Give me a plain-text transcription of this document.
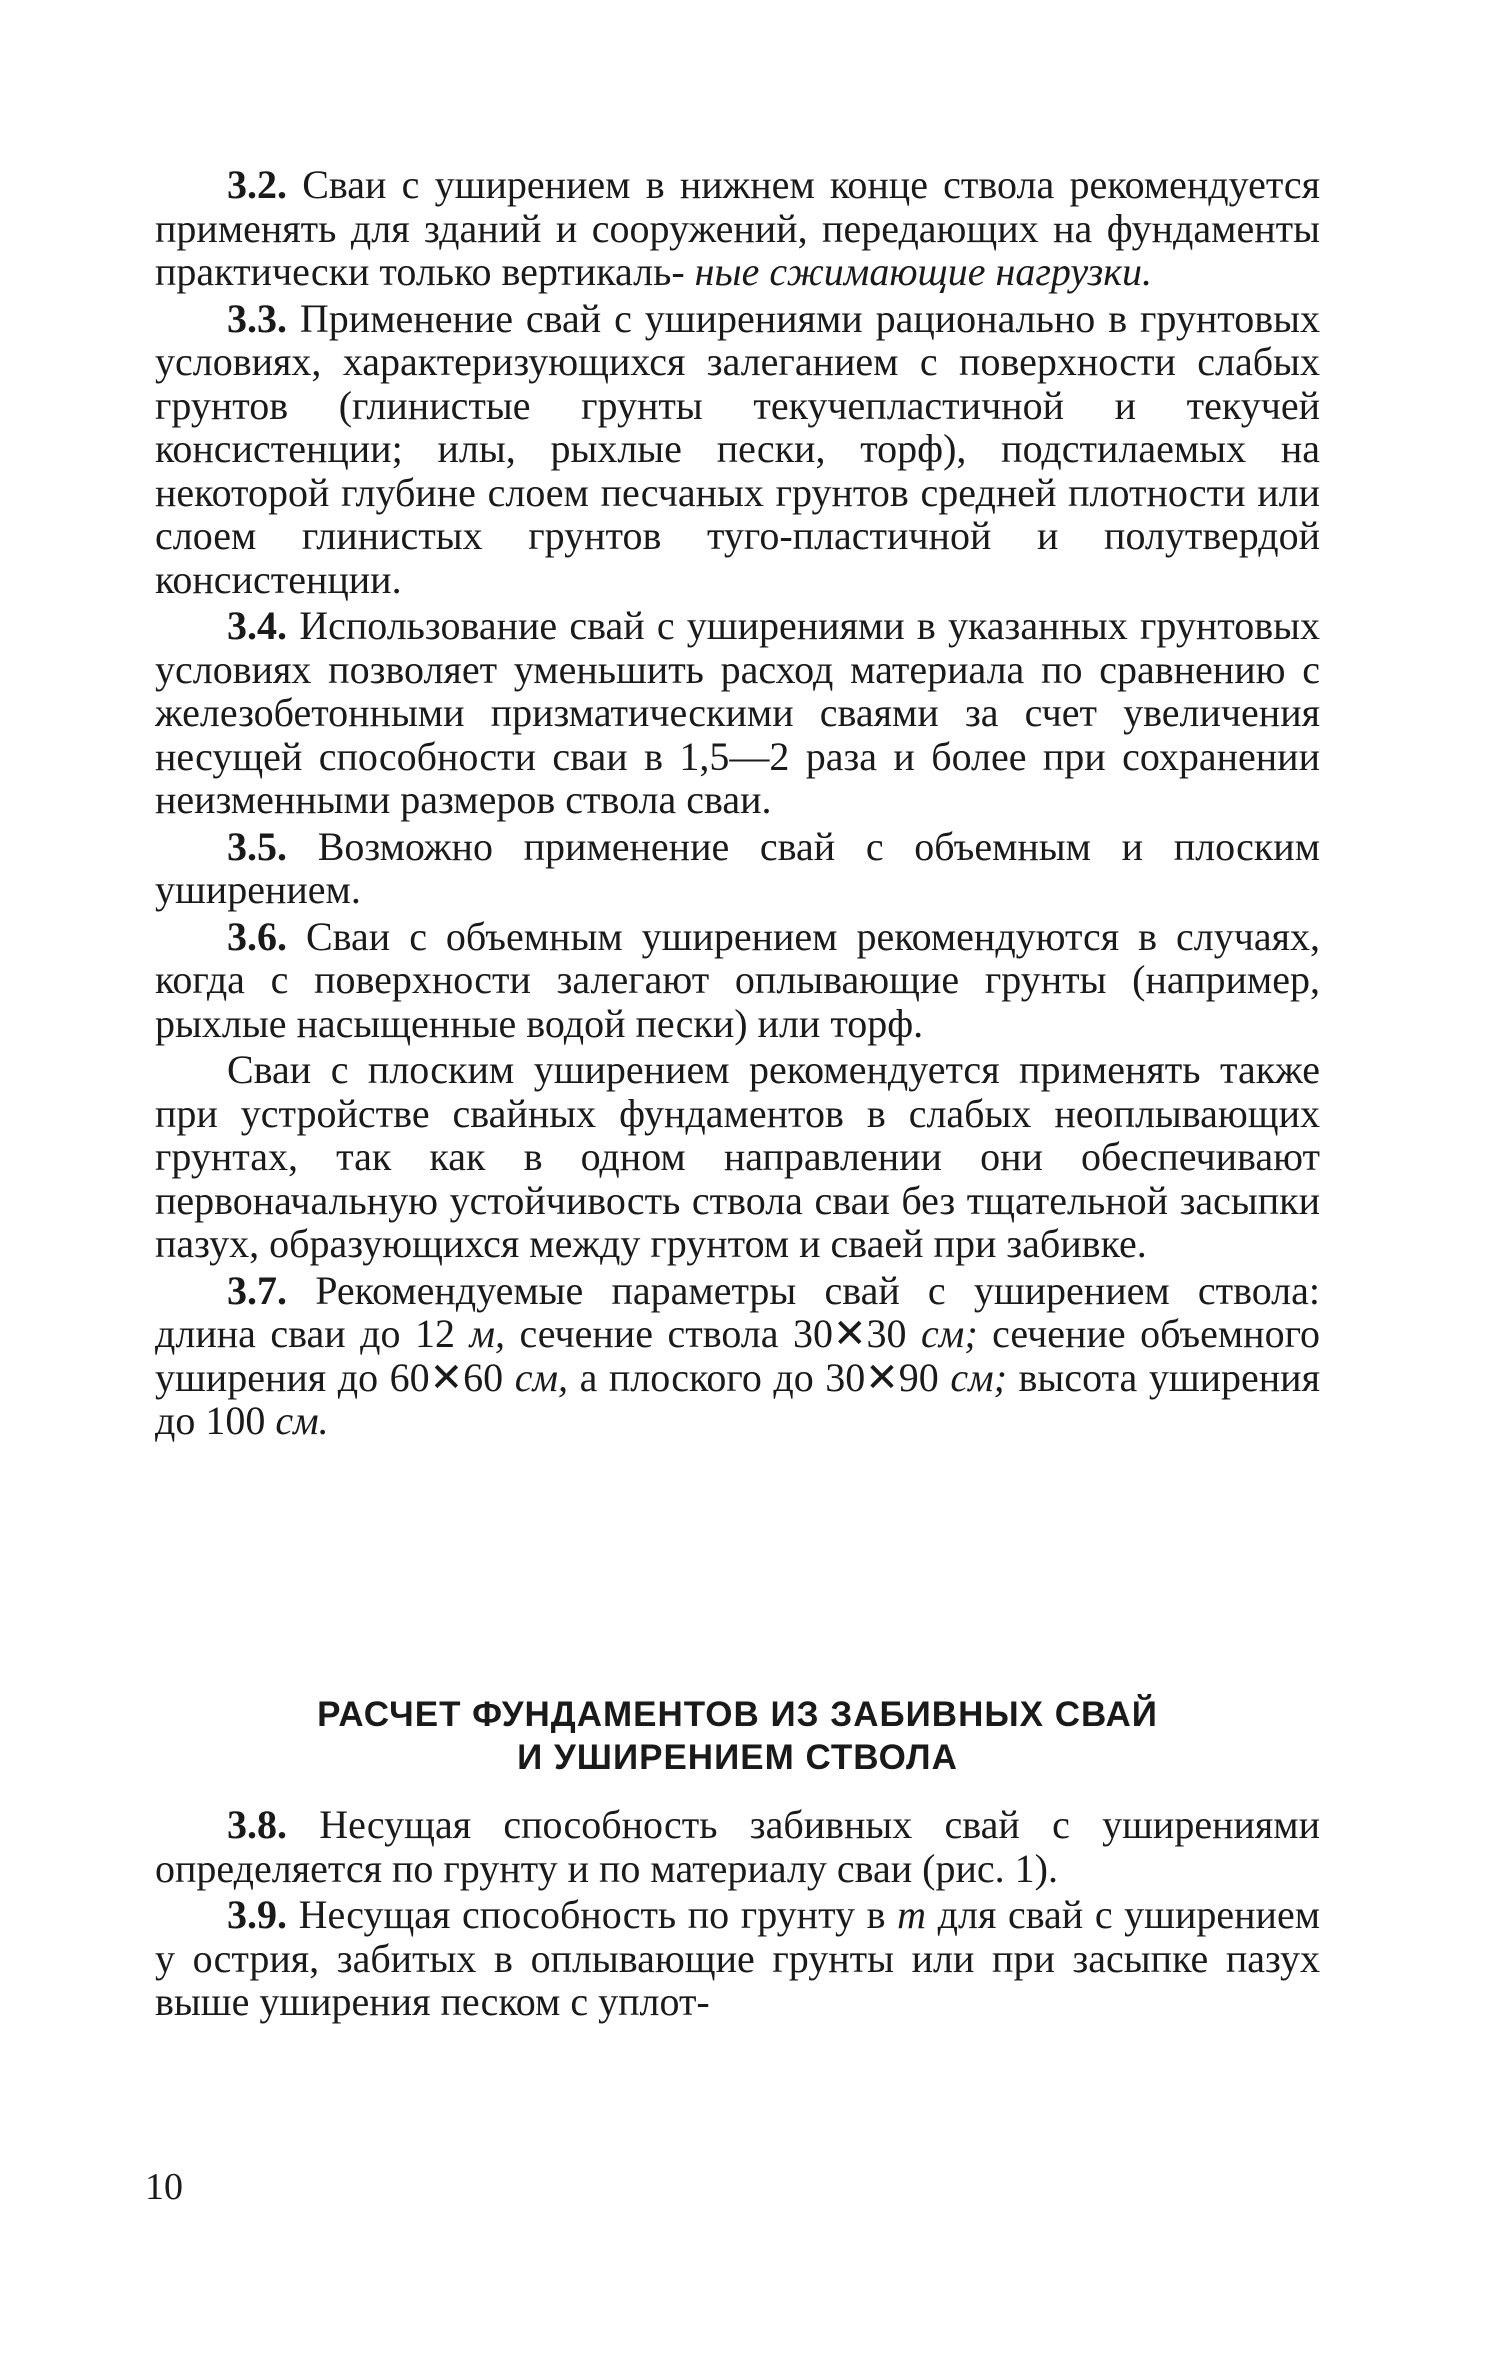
3.2. Сваи с уширением в нижнем конце ствола рекомендуется применять для зданий и сооружений, передающих на фундаменты практически только вертикаль- ные сжимающие нагрузки.

3.3. Применение свай с уширениями рационально в грунтовых условиях, характеризующихся залеганием с поверхности слабых грунтов (глинистые грунты текучепластичной и текучей консистенции; илы, рыхлые пески, торф), подстилаемых на некоторой глубине слоем песчаных грунтов средней плотности или слоем глинистых грунтов туго-пластичной и полутвердой консистенции.

3.4. Использование свай с уширениями в указанных грунтовых условиях позволяет уменьшить расход материала по сравнению с железобетонными призматическими сваями за счет увеличения несущей способности сваи в 1,5—2 раза и более при сохранении неизменными размеров ствола сваи.

3.5. Возможно применение свай с объемным и плоским уширением.

3.6. Сваи с объемным уширением рекомендуются в случаях, когда с поверхности залегают оплывающие грунты (например, рыхлые насыщенные водой пески) или торф.

Сваи с плоским уширением рекомендуется применять также при устройстве свайных фундаментов в слабых неоплывающих грунтах, так как в одном направлении они обеспечивают первоначальную устойчивость ствола сваи без тщательной засыпки пазух, образующихся между грунтом и сваей при забивке.

3.7. Рекомендуемые параметры свай с уширением ствола: длина сваи до 12 м, сечение ствола 30✕30 см; сечение объемного уширения до 60✕60 см, а плоского до 30✕90 см; высота уширения до 100 см.

РАСЧЕТ ФУНДАМЕНТОВ ИЗ ЗАБИВНЫХ СВАЙ
И УШИРЕНИЕМ СТВОЛА

3.8. Несущая способность забивных свай с уширениями определяется по грунту и по материалу сваи (рис. 1).

3.9. Несущая способность по грунту в т для свай с уширением у острия, забитых в оплывающие грунты или при засыпке пазух выше уширения песком с уплот-

10
